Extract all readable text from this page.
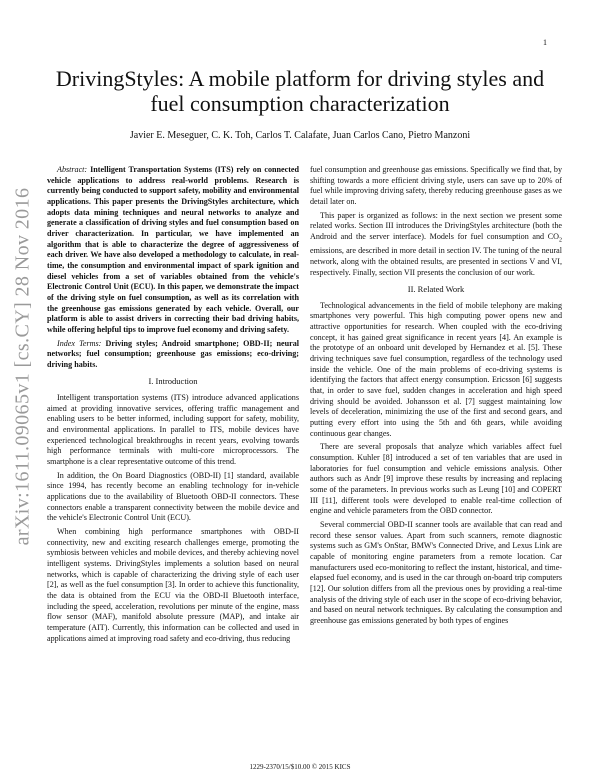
1
arXiv:1611.09065v1 [cs.CY] 28 Nov 2016
DrivingStyles: A mobile platform for driving styles and fuel consumption characterization
Javier E. Meseguer, C. K. Toh, Carlos T. Calafate, Juan Carlos Cano, Pietro Manzoni

Abstract: Intelligent Transportation Systems (ITS) rely on connected vehicle applications to address real-world problems. Research is currently being conducted to support safety, mobility and environmental applications. This paper presents the DrivingStyles architecture, which adopts data mining techniques and neural networks to analyze and generate a classification of driving styles and fuel consumption based on driver characterization. In particular, we have implemented an algorithm that is able to characterize the degree of aggressiveness of each driver. We have also developed a methodology to calculate, in real-time, the consumption and environmental impact of spark ignition and diesel vehicles from a set of variables obtained from the vehicle's Electronic Control Unit (ECU). In this paper, we demonstrate the impact of the driving style on fuel consumption, as well as its correlation with the greenhouse gas emissions generated by each vehicle. Overall, our platform is able to assist drivers in correcting their bad driving habits, while offering helpful tips to improve fuel economy and driving safety.

Index Terms: Driving styles; Android smartphone; OBD-II; neural networks; fuel consumption; greenhouse gas emissions; eco-driving; driving habits.

I. Introduction

Intelligent transportation systems (ITS) introduce advanced applications aimed at providing innovative services, offering traffic management and enabling users to be better informed, including support for safety, mobility, and environmental applications. In parallel to ITS, mobile devices have experienced technological breakthroughs in recent years, evolving towards high performance terminals with multi-core microprocessors. The smartphone is a clear representative outcome of this trend.

In addition, the On Board Diagnostics (OBD-II) [1] standard, available since 1994, has recently become an enabling technology for in-vehicle applications due to the availability of Bluetooth OBD-II connectors. These connectors enable a transparent connectivity between the mobile device and the vehicle's Electronic Control Unit (ECU).

When combining high performance smartphones with OBD-II connectivity, new and exciting research challenges emerge, promoting the symbiosis between vehicles and mobile devices, and thereby achieving novel intelligent systems. DrivingStyles implements a solution based on neural networks, which is capable of characterizing the driving style of each user [2], as well as the fuel consumption [3]. In order to achieve this functionality, the data is obtained from the ECU via the OBD-II Bluetooth interface, including the speed, acceleration, revolutions per minute of the engine, mass flow sensor (MAF), manifold absolute pressure (MAP), and intake air temperature (AIT). Currently, this information can be collected and used in applications aimed at improving road safety and eco-driving, thus reducing

fuel consumption and greenhouse gas emissions. Specifically we find that, by shifting towards a more efficient driving style, users can save up to 20% of fuel while improving driving safety, thereby reducing greenhouse gases as we detail later on.

This paper is organized as follows: in the next section we present some related works. Section III introduces the DrivingStyles architecture (both the Android and the server interface). Models for fuel consumption and $CO_2$ emissions, are described in more detail in section IV. The tuning of the neural network, along with the obtained results, are presented in sections V and VI, respectively. Finally, section VII presents the conclusion of our work.

II. Related Work

Technological advancements in the field of mobile telephony are making smartphones very powerful. This high computing power opens new and attractive opportunities for research. When coupled with the eco-driving concept, it has gained great significance in recent years [4]. An example is the prototype of an onboard unit developed by Hernandez et al. [5]. These driving techniques save fuel consumption, regardless of the technology used inside the vehicle. One of the main problems of eco-driving systems is identifying the factors that affect energy consumption. Ericsson [6] suggests that, in order to save fuel, sudden changes in acceleration and high speed driving should be avoided. Johansson et al. [7] suggest maintaining low levels of deceleration, minimizing the use of the first and second gears, and putting every effort into using the 5th and 6th gears, while avoiding continuous gear changes.

There are several proposals that analyze which variables affect fuel consumption. Kuhler [8] introduced a set of ten variables that are used in laboratories for fuel consumption and vehicle emissions analysis. Other authors such as Andr [9] improve these results by increasing and replacing some of the parameters. In previous works such as Leung [10] and COPERT III [11], different tools were developed to enable real-time collection of engine and vehicle parameters from the OBD connector.

Several commercial OBD-II scanner tools are available that can read and record these sensor values. Apart from such scanners, remote diagnostic systems such as GM's OnStar, BMW's Connected Drive, and Lexus Link are capable of monitoring engine parameters from a remote location. Car manufacturers used eco-monitoring to reflect the instant, historical, and time-elapsed fuel economy, and is used in the car through on-board trip computers [12]. Our solution differs from all the previous ones by providing a real-time analysis of the driving style of each user in the scope of eco-driving behavior, and based on neural network techniques. By calculating the consumption and greenhouse gas emissions generated by both types of engines

1229-2370/15/$10.00 © 2015 KICS
